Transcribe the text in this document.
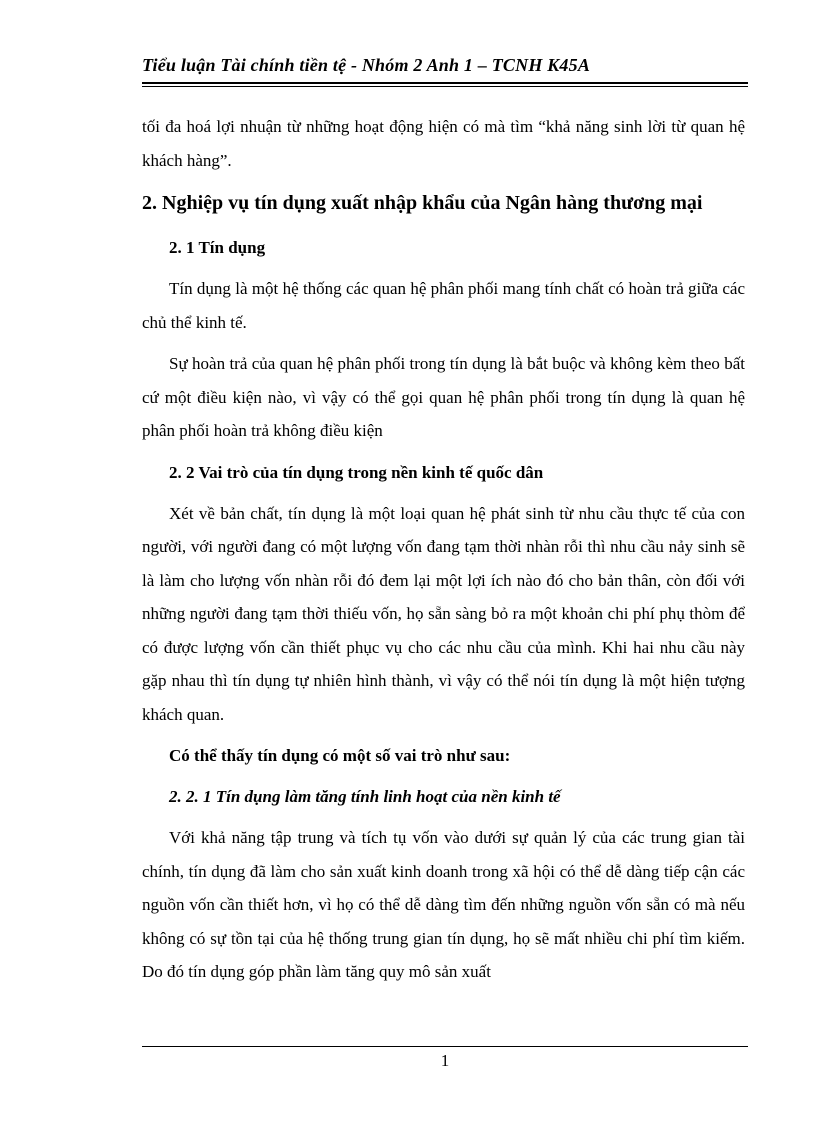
Tiểu luận Tài chính tiền tệ - Nhóm 2 Anh 1 – TCNH K45A

tối đa hoá lợi nhuận từ những hoạt động hiện có mà tìm “khả năng sinh lời từ quan hệ khách hàng”.

2. Nghiệp vụ tín dụng xuất nhập khẩu của Ngân hàng thương mại
2. 1 Tín dụng

Tín dụng là một hệ thống các quan hệ phân phối mang tính chất có hoàn trả giữa các chủ thể kinh tế.

Sự hoàn trả của quan hệ phân phối trong tín dụng là bắt buộc và không kèm theo bất cứ một điều kiện nào, vì vậy có thể gọi quan hệ phân phối trong tín dụng là quan hệ phân phối hoàn trả không điều kiện

2. 2 Vai trò của tín dụng trong nền kinh tế quốc dân

Xét về bản chất, tín dụng là một loại quan hệ phát sinh từ nhu cầu thực tế của con người, với người đang có một lượng vốn đang tạm thời nhàn rỗi thì nhu cầu nảy sinh sẽ là làm cho lượng vốn nhàn rỗi đó đem lại một lợi ích nào đó cho bản thân, còn đối với những người đang tạm thời thiếu vốn, họ sẵn sàng bỏ ra một khoản chi phí phụ thòm để có được lượng vốn cần thiết phục vụ cho các nhu cầu của mình. Khi hai nhu cầu này gặp nhau thì tín dụng tự nhiên hình thành, vì vậy có thể nói tín dụng là một hiện tượng khách quan.

Có thể thấy tín dụng có một số vai trò như sau:
2. 2. 1 Tín dụng làm tăng tính linh hoạt của nền kinh tế

Với khả năng tập trung và tích tụ vốn vào dưới sự quản lý của các trung gian tài chính, tín dụng đã làm cho sản xuất kinh doanh trong xã hội có thể dễ dàng tiếp cận các nguồn vốn cần thiết hơn, vì họ có thể dễ dàng tìm đến những nguồn vốn sẵn có mà nếu không có sự tồn tại của hệ thống trung gian tín dụng, họ sẽ mất nhiều chi phí tìm kiếm. Do đó tín dụng góp phần làm tăng quy mô sản xuất

1
